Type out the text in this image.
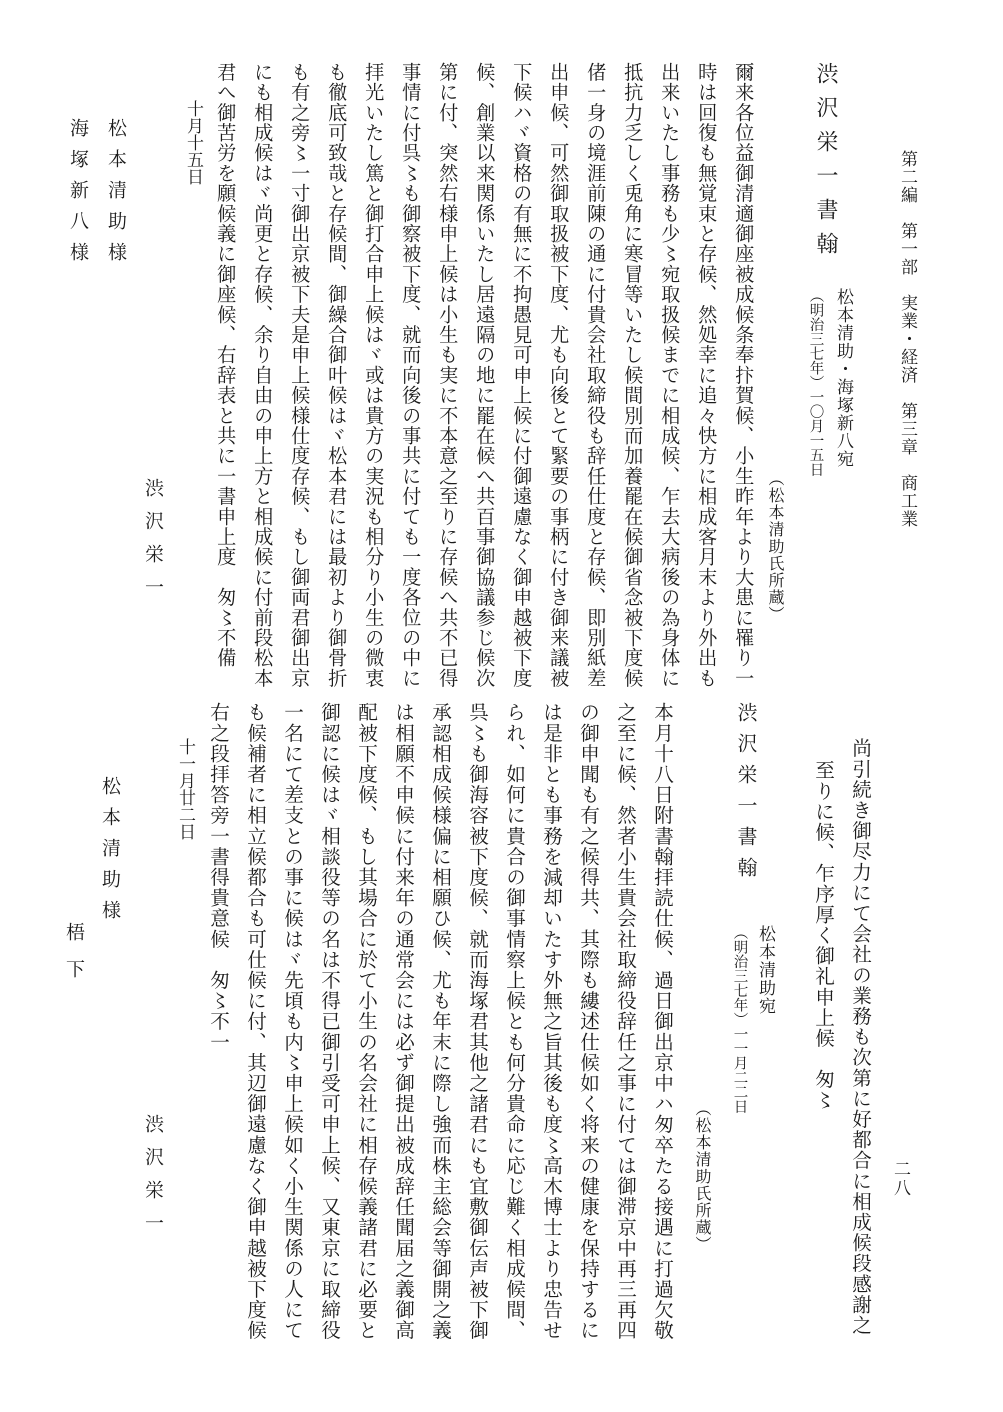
第二編　第一部　実業・経済　第三章　商工業
二八
渋沢栄一書翰
松本清助・海塚新八宛
（明治三七年）一〇月一五日
（松本清助氏所蔵）
爾来各位益御清適御座被成候条奉抃賀候、小生昨年より大患に罹り一
時は回復も無覚束と存候、然処幸に追々快方に相成客月末より外出も
出来いたし事務も少〻宛取扱候までに相成候、乍去大病後の為身体に
抵抗力乏しく兎角に寒冒等いたし候間別而加養罷在候御省念被下度候
偖一身の境涯前陳の通に付貴会社取締役も辞任仕度と存候、即別紙差
出申候、可然御取扱被下度、尤も向後とて緊要の事柄に付き御来議被
下候ハヾ資格の有無に不拘愚見可申上候に付御遠慮なく御申越被下度
候、創業以来関係いたし居遠隔の地に罷在候へ共百事御協議参じ候次
第に付、突然右様申上候は小生も実に不本意之至りに存候へ共不已得
事情に付呉〻も御察被下度、就而向後の事共に付ても一度各位の中に
拝光いたし篤と御打合申上候はヾ或は貴方の実況も相分り小生の微衷
も徹底可致哉と存候間、御繰合御叶候はヾ松本君には最初より御骨折
も有之旁〻一寸御出京被下夫是申上候様仕度存候、もし御両君御出京
にも相成候はヾ尚更と存候、余り自由の申上方と相成候に付前段松本
君へ御苦労を願候義に御座候、右辞表と共に一書申上度　匆〻不備
十月十五日
渋沢栄一
松本清助様
海塚新八様
尚引続き御尽力にて会社の業務も次第に好都合に相成候段感謝之
至りに候、乍序厚く御礼申上候　匆〻
渋沢栄一書翰
松本清助宛
（明治三七年）一一月二二日
（松本清助氏所蔵）
本月十八日附書翰拝読仕候、過日御出京中ハ匆卒たる接遇に打過欠敬
之至に候、然者小生貴会社取締役辞任之事に付ては御滞京中再三再四
の御申聞も有之候得共、其際も縷述仕候如く将来の健康を保持するに
は是非とも事務を減却いたす外無之旨其後も度〻高木博士より忠告せ
られ、如何に貴合の御事情察上候とも何分貴命に応じ難く相成候間、
呉〻も御海容被下度候、就而海塚君其他之諸君にも宜敷御伝声被下御
承認相成候様偏に相願ひ候、尤も年末に際し強而株主総会等御開之義
は相願不申候に付来年の通常会には必ず御提出被成辞任聞届之義御高
配被下度候、もし其場合に於て小生の名会社に相存候義諸君に必要と
御認に候はヾ相談役等の名は不得已御引受可申上候、又東京に取締役
一名にて差支との事に候はヾ先頃も内〻申上候如く小生関係の人にて
も候補者に相立候都合も可仕候に付、其辺御遠慮なく御申越被下度候
右之段拝答旁一書得貴意候　匆〻不一
十一月廿二日
渋沢栄一
松本清助様
梧下
